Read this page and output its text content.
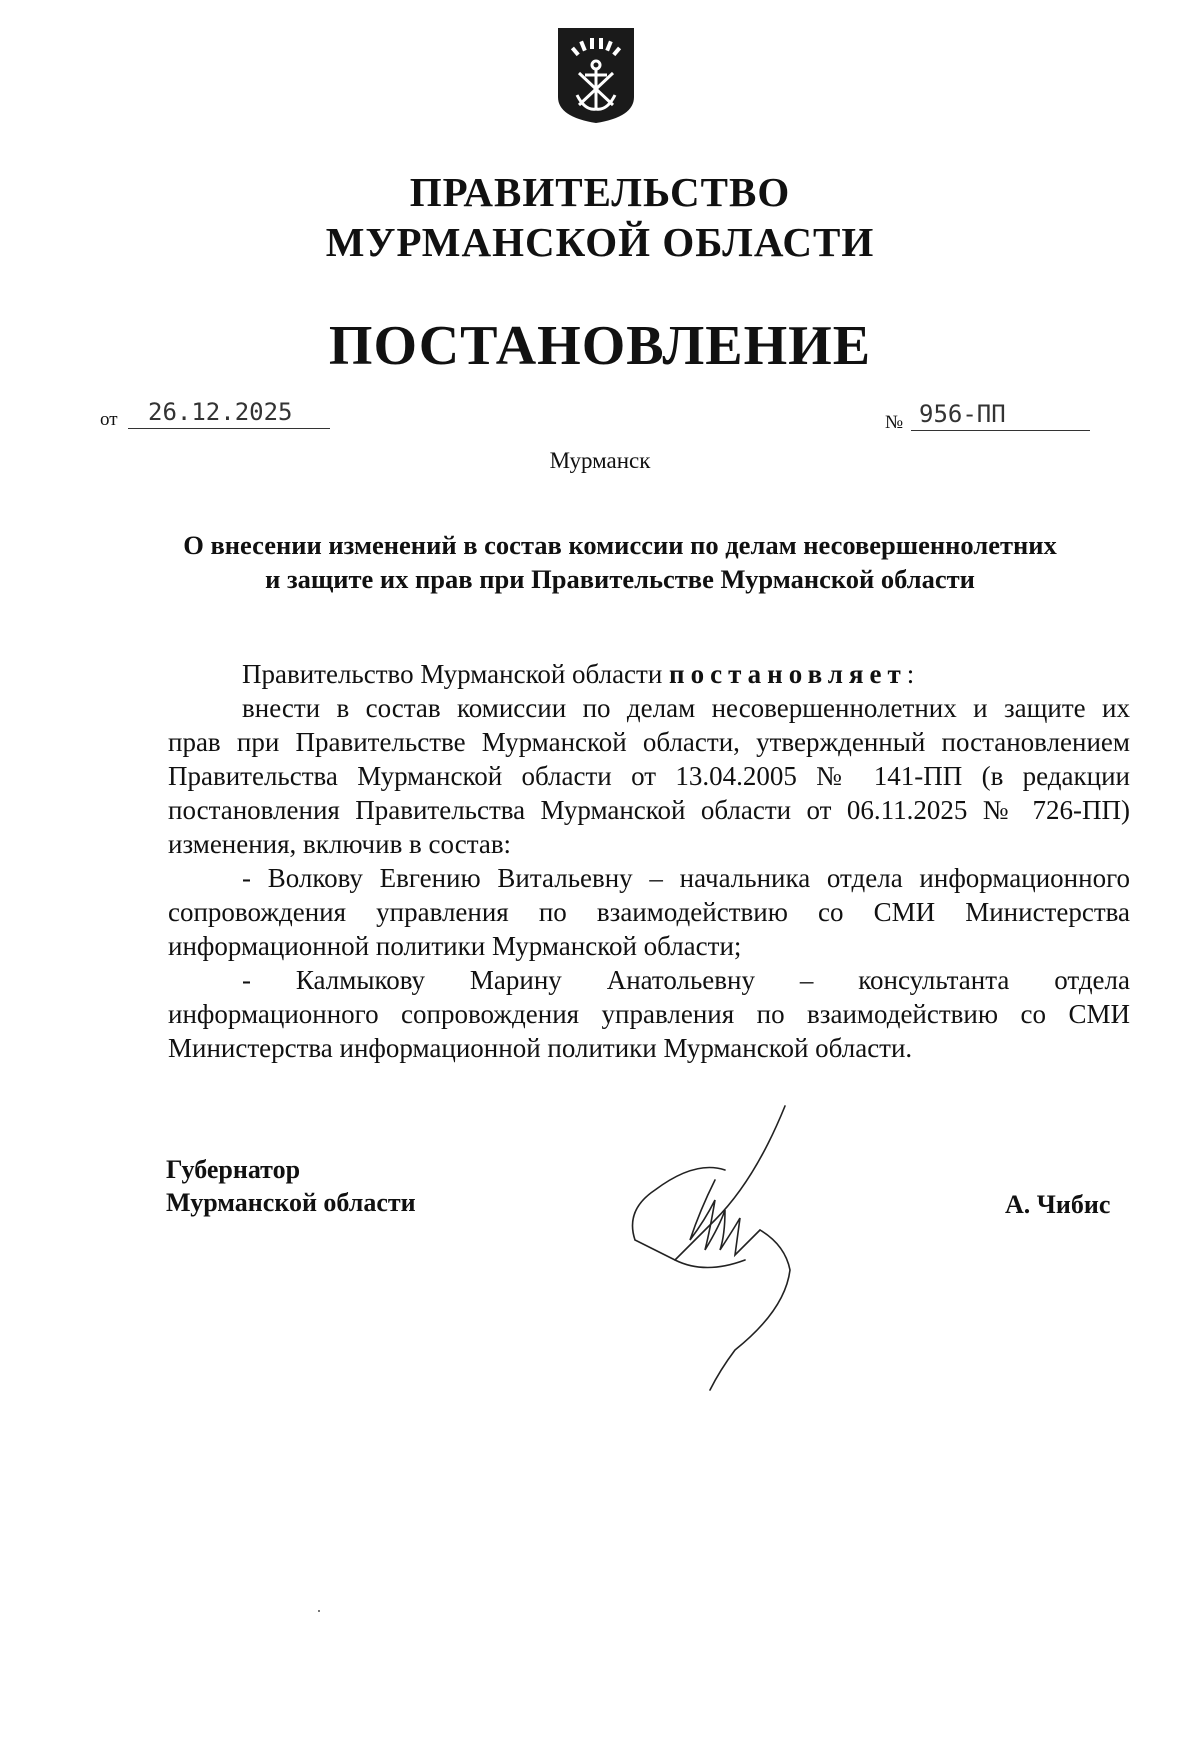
ПРАВИТЕЛЬСТВО
МУРМАНСКОЙ ОБЛАСТИ
ПОСТАНОВЛЕНИЕ
от 26.12.2025	№ 956-ПП
Мурманск
О внесении изменений в состав комиссии по делам несовершеннолетних
и защите их прав при Правительстве Мурманской области
Правительство Мурманской области постановляет:
внести в состав комиссии по делам несовершеннолетних и защите их
прав при Правительстве Мурманской области, утвержденный постановлением
Правительства Мурманской области от 13.04.2005 № 141-ПП (в редакции
постановления Правительства Мурманской области от 06.11.2025 № 726-ПП)
изменения, включив в состав:
- Волкову Евгению Витальевну – начальника отдела информационного
сопровождения управления по взаимодействию со СМИ Министерства
информационной политики Мурманской области;
- Калмыкову Марину Анатольевну – консультанта отдела
информационного сопровождения управления по взаимодействию со СМИ
Министерства информационной политики Мурманской области.
Губернатор
Мурманской области	А. Чибис
